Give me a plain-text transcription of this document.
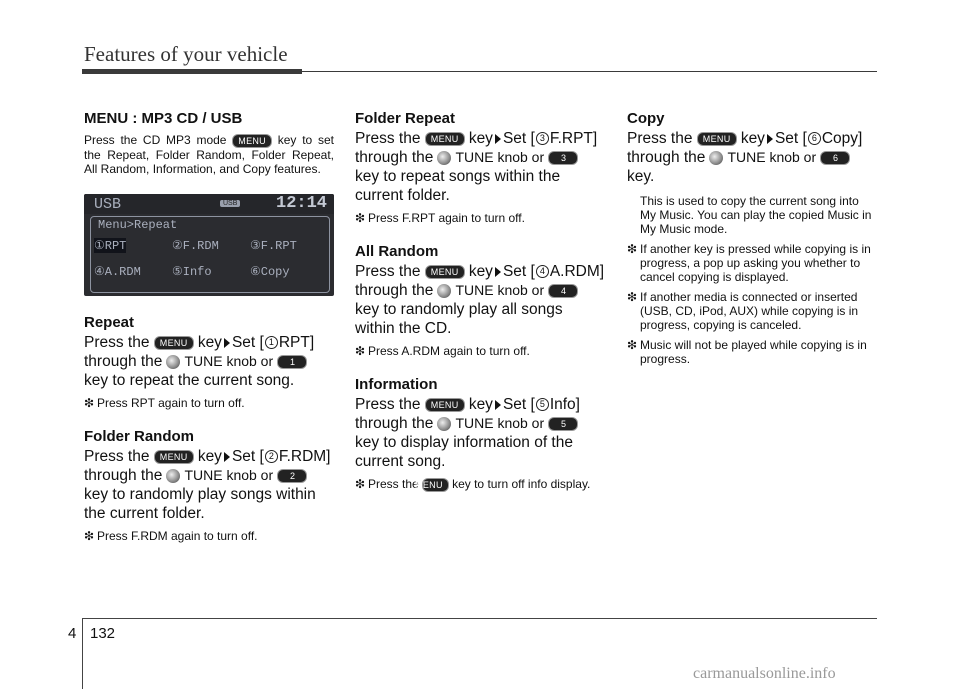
Features of your vehicle
MENU : MP3 CD / USB

Press the CD MP3 mode MENU key to set the Repeat, Folder Random, Folder Repeat, All Random, Information, and Copy features.

USB	USB 12:14
Menu>Repeat
①RPT	②F.RDM	③F.RPT
④A.RDM	⑤Info	⑥Copy
Repeat

Press the MENU key Set [ 1 RPT] through the TUNE knob or 1 key to repeat the current song.

❇ Press RPT again to turn off.

Folder Random

Press the MENU key Set [ 2 F.RDM] through the TUNE knob or 2 key to randomly play songs within the current folder.

❇ Press F.RDM again to turn off.

Folder Repeat

Press the MENU key Set [ 3 F.RPT] through the TUNE knob or 3 key to repeat songs within the current folder.

❇ Press F.RPT again to turn off.

All Random

Press the MENU key Set [ 4 A.RDM] through the TUNE knob or 4 key to randomly play all songs within the CD.

❇ Press A.RDM again to turn off.

Information

Press the MENU key Set [ 5 Info] through the TUNE knob or 5 key to display information of the current song.

❇ Press the MENU key to turn off info display.

Copy

Press the MENU key Set [ 6 Copy] through the TUNE knob or 6 key.

This is used to copy the current song into My Music. You can play the copied Music in My Music mode.

❇ If another key is pressed while copying is in progress, a pop up asking you whether to cancel copying is displayed.

❇ If another media is connected or inserted (USB, CD, iPod, AUX) while copying is in progress, copying is canceled.

❇ Music will not be played while copying is in progress.

4 132
carmanualsonline.info
